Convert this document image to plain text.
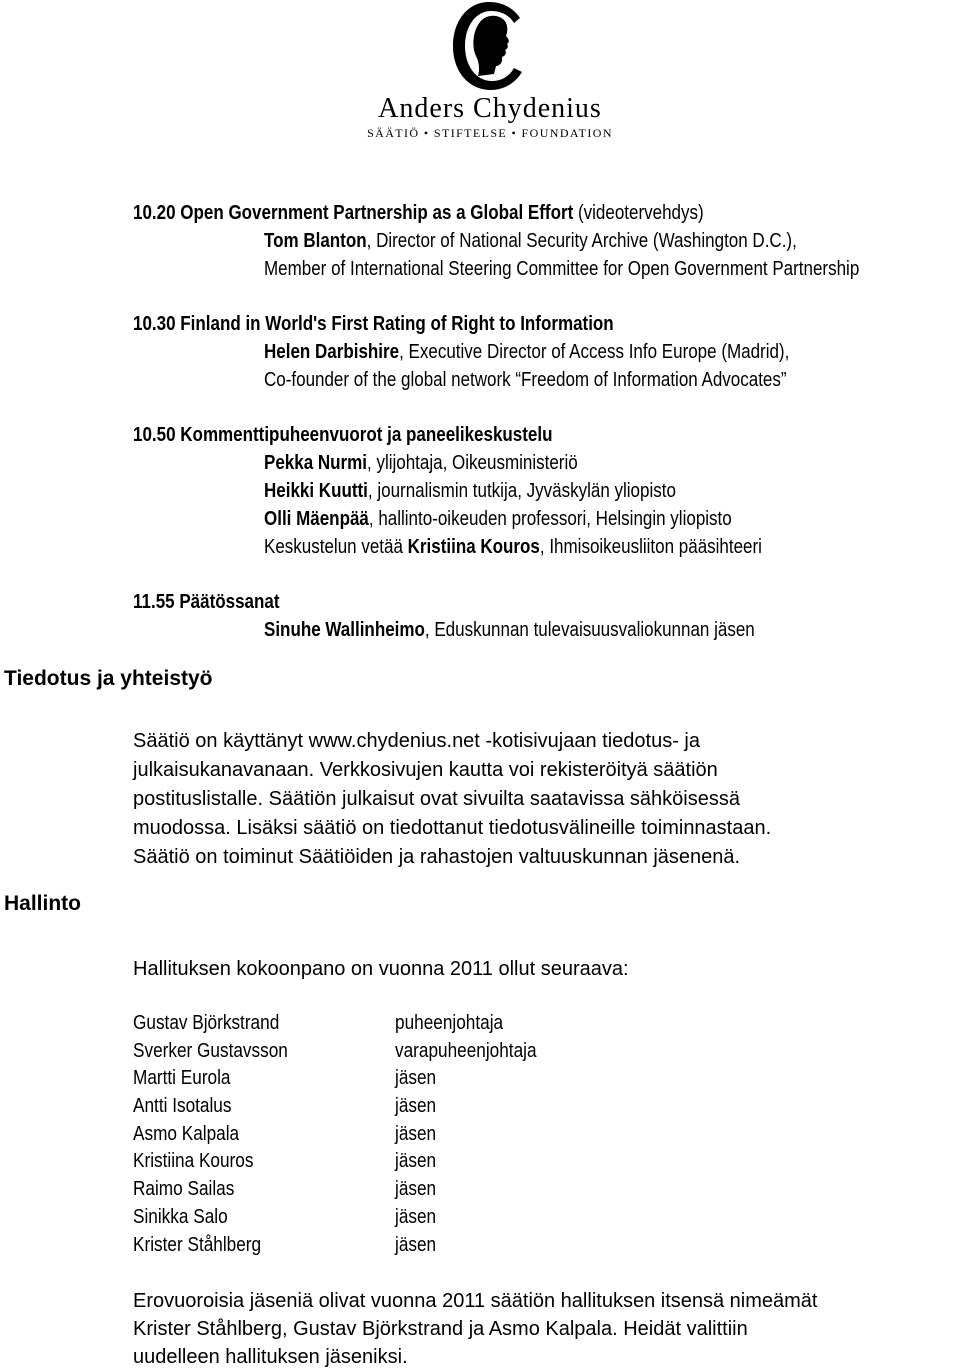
Anders Chydenius
SÄÄTIÖ • STIFTELSE • FOUNDATION
10.20 Open Government Partnership as a Global Effort (videotervehdys)
Tom Blanton, Director of National Security Archive (Washington D.C.),
Member of International Steering Committee for Open Government Partnership
10.30 Finland in World's First Rating of Right to Information
Helen Darbishire, Executive Director of Access Info Europe (Madrid),
Co-founder of the global network “Freedom of Information Advocates”
10.50 Kommenttipuheenvuorot ja paneelikeskustelu
Pekka Nurmi, ylijohtaja, Oikeusministeriö
Heikki Kuutti, journalismin tutkija, Jyväskylän yliopisto
Olli Mäenpää, hallinto-oikeuden professori, Helsingin yliopisto
Keskustelun vetää Kristiina Kouros, Ihmisoikeusliiton pääsihteeri
11.55 Päätössanat
Sinuhe Wallinheimo, Eduskunnan tulevaisuusvaliokunnan jäsen
Tiedotus ja yhteistyö

Säätiö on käyttänyt www.chydenius.net -kotisivujaan tiedotus- ja

julkaisukanavanaan. Verkkosivujen kautta voi rekisteröityä säätiön

postituslistalle. Säätiön julkaisut ovat sivuilta saatavissa sähköisessä

muodossa. Lisäksi säätiö on tiedottanut tiedotusvälineille toiminnastaan.

Säätiö on toiminut Säätiöiden ja rahastojen valtuuskunnan jäsenenä.

Hallinto
Hallituksen kokoonpano on vuonna 2011 ollut seuraava:
Gustav Björkstrand	puheenjohtaja
Sverker Gustavsson	varapuheenjohtaja
Martti Eurola	jäsen
Antti Isotalus	jäsen
Asmo Kalpala	jäsen
Kristiina Kouros	jäsen
Raimo Sailas	jäsen
Sinikka Salo	jäsen
Krister Ståhlberg	jäsen

Erovuoroisia jäseniä olivat vuonna 2011 säätiön hallituksen itsensä nimeämät

Krister Ståhlberg, Gustav Björkstrand ja Asmo Kalpala. Heidät valittiin

uudelleen hallituksen jäseniksi.
